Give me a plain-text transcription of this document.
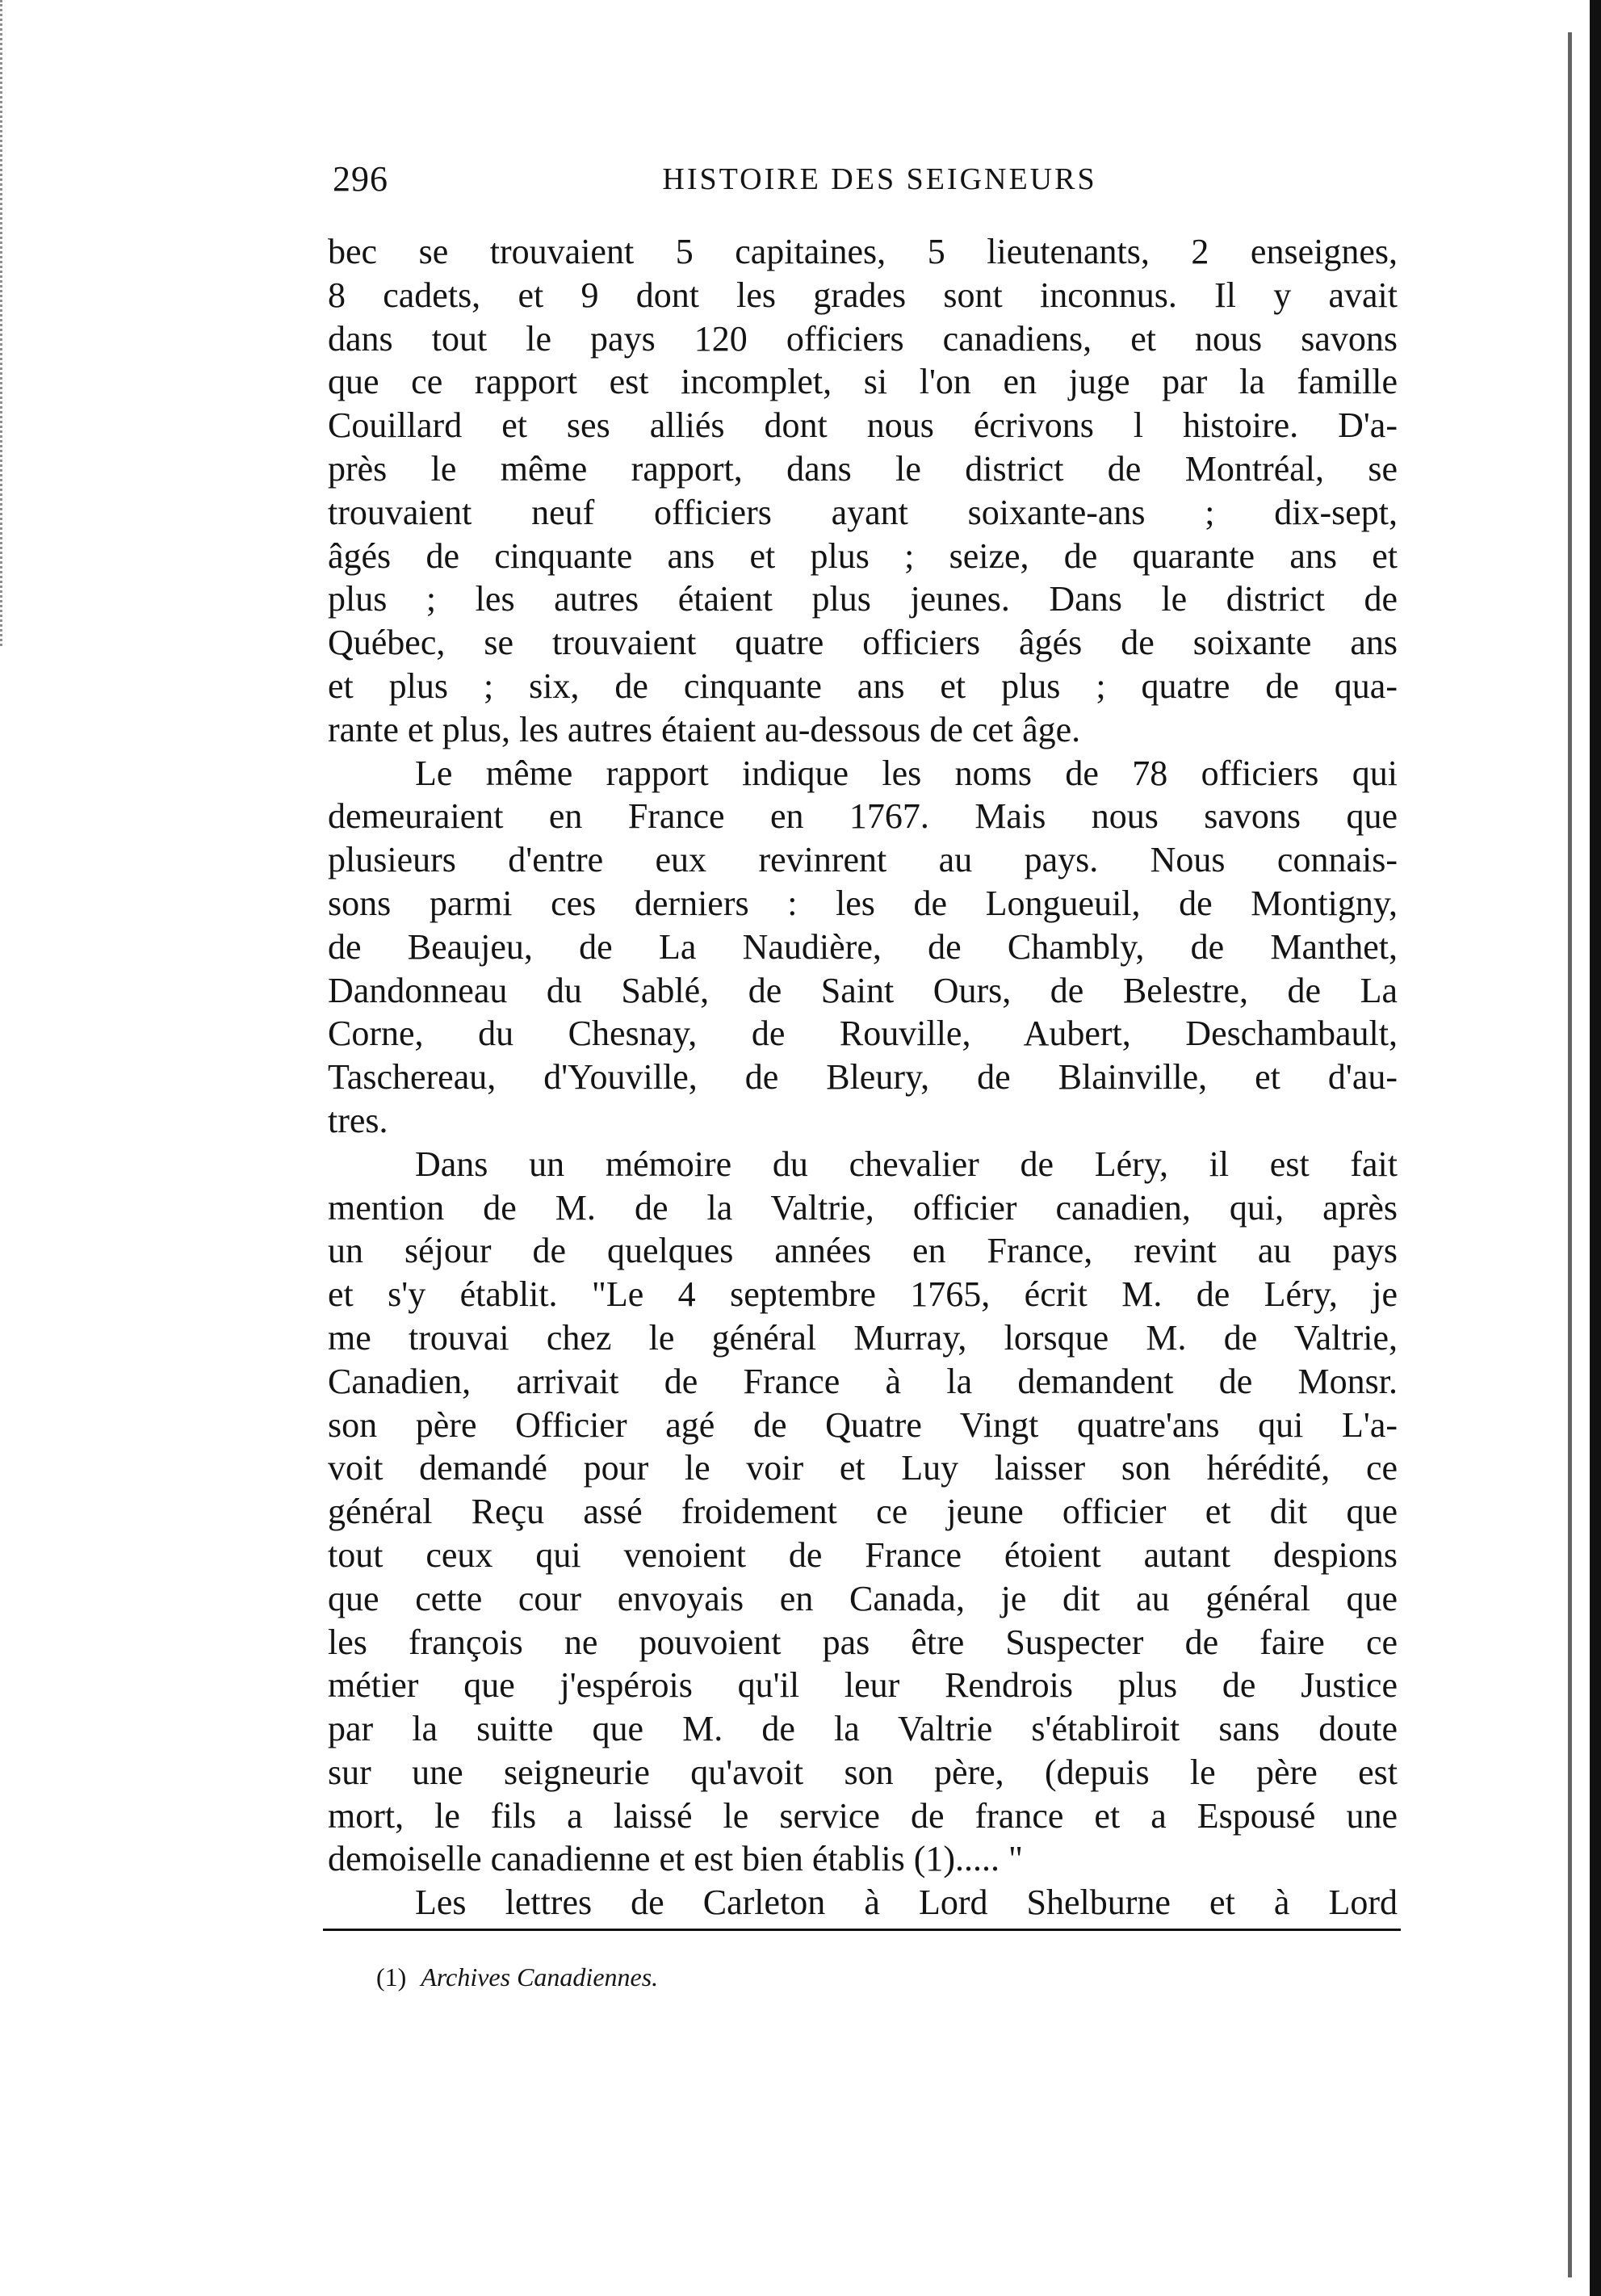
296	HISTOIRE DES SEIGNEURS
bec se trouvaient 5 capitaines, 5 lieutenants, 2 enseignes,
8 cadets, et 9 dont les grades sont inconnus. Il y avait
dans tout le pays 120 officiers canadiens, et nous savons
que ce rapport est incomplet, si l'on en juge par la famille
Couillard et ses alliés dont nous écrivons l histoire. D'a-
près le même rapport, dans le district de Montréal, se
trouvaient neuf officiers ayant soixante-ans ; dix-sept,
âgés de cinquante ans et plus ; seize, de quarante ans et
plus ; les autres étaient plus jeunes. Dans le district de
Québec, se trouvaient quatre officiers âgés de soixante ans
et plus ; six, de cinquante ans et plus ; quatre de qua-
rante et plus, les autres étaient au-dessous de cet âge.
Le même rapport indique les noms de 78 officiers qui
demeuraient en France en 1767. Mais nous savons que
plusieurs d'entre eux revinrent au pays. Nous connais-
sons parmi ces derniers : les de Longueuil, de Montigny,
de Beaujeu, de La Naudière, de Chambly, de Manthet,
Dandonneau du Sablé, de Saint Ours, de Belestre, de La
Corne, du Chesnay, de Rouville, Aubert, Deschambault,
Taschereau, d'Youville, de Bleury, de Blainville, et d'au-
tres.
Dans un mémoire du chevalier de Léry, il est fait
mention de M. de la Valtrie, officier canadien, qui, après
un séjour de quelques années en France, revint au pays
et s'y établit. "Le 4 septembre 1765, écrit M. de Léry, je
me trouvai chez le général Murray, lorsque M. de Valtrie,
Canadien, arrivait de France à la demandent de Monsr.
son père Officier agé de Quatre Vingt quatre'ans qui L'a-
voit demandé pour le voir et Luy laisser son hérédité, ce
général Reçu assé froidement ce jeune officier et dit que
tout ceux qui venoient de France étoient autant despions
que cette cour envoyais en Canada, je dit au général que
les françois ne pouvoient pas être Suspecter de faire ce
métier que j'espérois qu'il leur Rendrois plus de Justice
par la suitte que M. de la Valtrie s'établiroit sans doute
sur une seigneurie qu'avoit son père, (depuis le père est
mort, le fils a laissé le service de france et a Espousé une
demoiselle canadienne et est bien établis (1)..... "
Les lettres de Carleton à Lord Shelburne et à Lord
(1) Archives Canadiennes.
